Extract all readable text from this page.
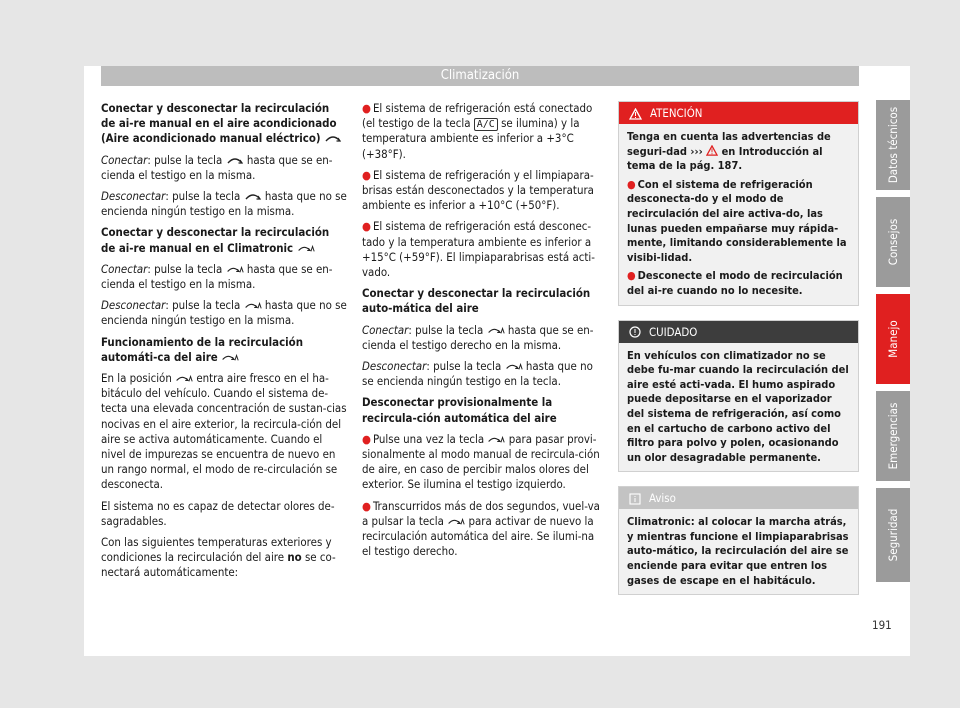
Climatización

Conectar y desconectar la recirculación de ai-re manual en el aire acondicionado (Aire acondicionado manual eléctrico)

Conectar: pulse la tecla hasta que se en-cienda el testigo en la misma.

Desconectar: pulse la tecla hasta que no se encienda ningún testigo en la misma.

Conectar y desconectar la recirculación de ai-re manual en el Climatronic

Conectar: pulse la tecla hasta que se en-cienda el testigo en la misma.

Desconectar: pulse la tecla hasta que no se encienda ningún testigo en la misma.

Funcionamiento de la recirculación automáti-ca del aire

En la posición entra aire fresco en el ha-bitáculo del vehículo. Cuando el sistema de-tecta una elevada concentración de sustan-cias nocivas en el aire exterior, la recircula-ción del aire se activa automáticamente. Cuando el nivel de impurezas se encuentra de nuevo en un rango normal, el modo de re-circulación se desconecta.

El sistema no es capaz de detectar olores de-sagradables.

Con las siguientes temperaturas exteriores y condiciones la recirculación del aire no se co-nectará automáticamente:

● El sistema de refrigeración está conectado (el testigo de la tecla A/C se ilumina) y la temperatura ambiente es inferior a +3°C (+38°F).
● El sistema de refrigeración y el limpiapara-brisas están desconectados y la temperatura ambiente es inferior a +10°C (+50°F).
● El sistema de refrigeración está desconec-tado y la temperatura ambiente es inferior a +15°C (+59°F). El limpiaparabrisas está acti-vado.

Conectar y desconectar la recirculación auto-mática del aire

Conectar: pulse la tecla hasta que se en-cienda el testigo derecho en la misma.

Desconectar: pulse la tecla hasta que no se encienda ningún testigo en la tecla.

Desconectar provisionalmente la recircula-ción automática del aire

● Pulse una vez la tecla para pasar provi-sionalmente al modo manual de recircula-ción de aire, en caso de percibir malos olores del exterior. Se ilumina el testigo izquierdo.
● Transcurridos más de dos segundos, vuel-va a pulsar la tecla para activar de nuevo la recirculación automática del aire. Se ilumi-na el testigo derecho.
ATENCIÓN
Tenga en cuenta las advertencias de seguri-dad ››› en Introducción al tema de la pág. 187.
● Con el sistema de refrigeración desconecta-do y el modo de recirculación del aire activa-do, las lunas pueden empañarse muy rápida-mente, limitando considerablemente la visibi-lidad.
● Desconecte el modo de recirculación del ai-re cuando no lo necesite.
CUIDADO
En vehículos con climatizador no se debe fu-mar cuando la recirculación del aire esté acti-vada. El humo aspirado puede depositarse en el vaporizador del sistema de refrigeración, así como en el cartucho de carbono activo del filtro para polvo y polen, ocasionando un olor desagradable permanente.
Aviso
Climatronic: al colocar la marcha atrás, y mientras funcione el limpiaparabrisas auto-mático, la recirculación del aire se enciende para evitar que entren los gases de escape en el habitáculo.
Datos técnicos
Consejos
Manejo
Emergencias
Seguridad
191
